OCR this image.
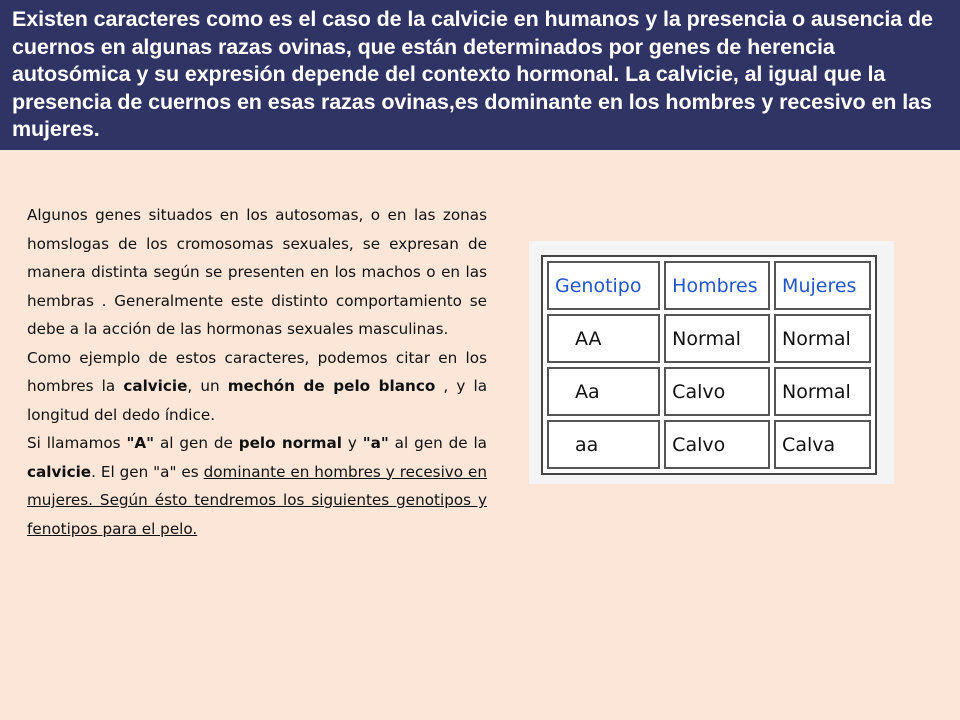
Existen caracteres como es el caso de la calvicie en humanos y la presencia o ausencia de cuernos en algunas razas ovinas, que están determinados por genes de herencia autosómica y su expresión depende del contexto hormonal. La calvicie, al igual que la presencia de cuernos en esas razas ovinas,es dominante en los hombres y recesivo en las mujeres.

Algunos genes situados en los autosomas, o en las zonas homslogas de los cromosomas sexuales, se expresan de manera distinta según se presenten en los machos o en las hembras . Generalmente este distinto comportamiento se debe a la acción de las hormonas sexuales masculinas.

Como ejemplo de estos caracteres, podemos citar en los hombres la calvicie, un mechón de pelo blanco , y la longitud del dedo índice.

Si llamamos "A" al gen de pelo normal y "a" al gen de la calvicie. El gen "a" es dominante en hombres y recesivo en mujeres. Según ésto tendremos los siguientes genotipos y fenotipos para el pelo.

Genotipo	Hombres	Mujeres
AA	Normal	Normal
Aa	Calvo	Normal
aa	Calvo	Calva
